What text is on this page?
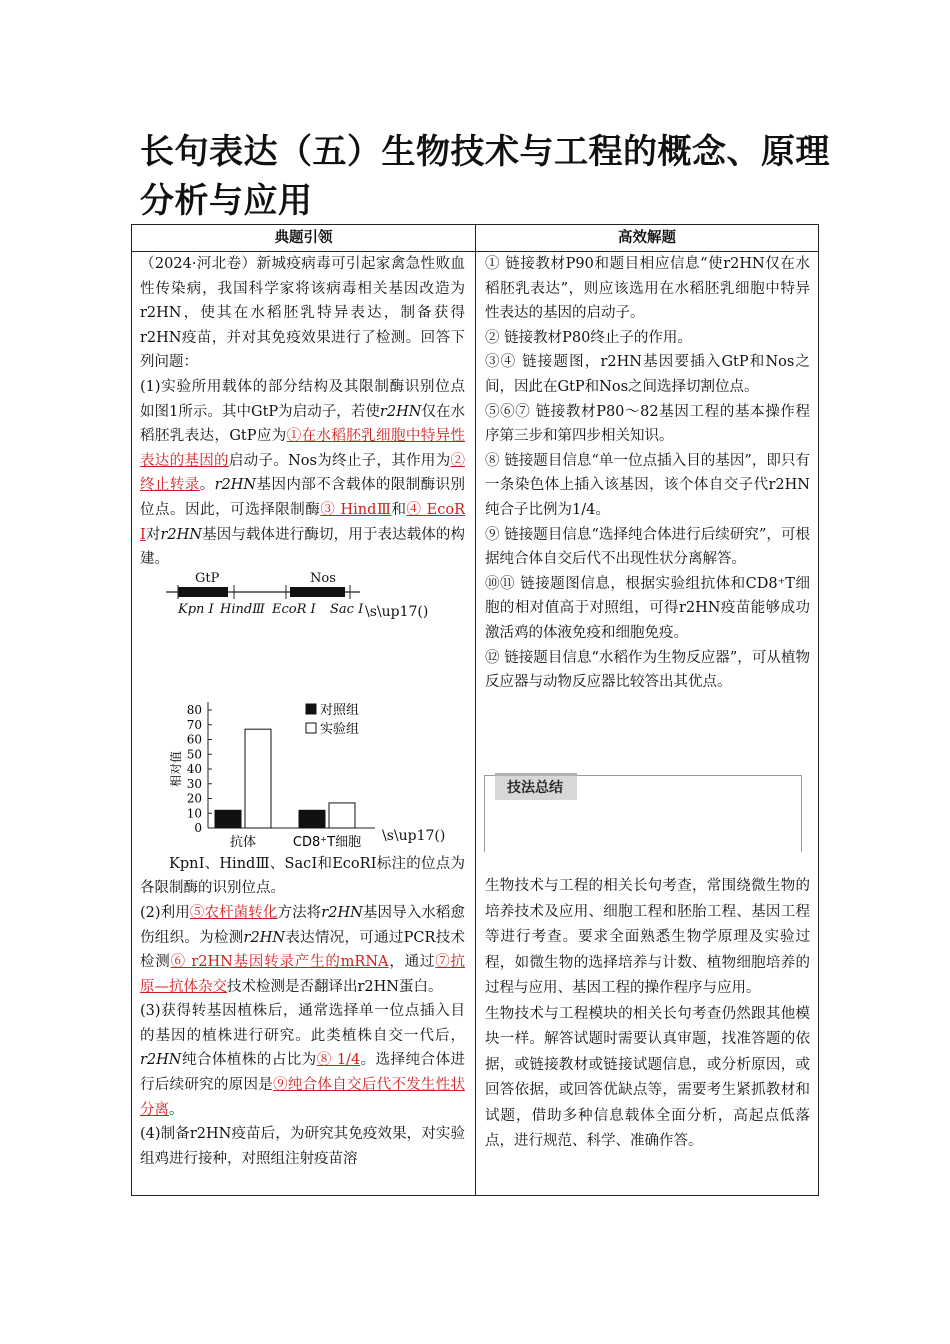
长句表达（五）生物技术与工程的概念、原理分析与应用
典题引领	高效解题

（2024·河北卷）新城疫病毒可引起家禽急性败血性传染病，我国科学家将该病毒相关基因改造为r2HN，使其在水稻胚乳特异表达，制备获得r2HN疫苗，并对其免疫效果进行了检测。回答下列问题：

(1)实验所用载体的部分结构及其限制酶识别位点如图1所示。其中GtP为启动子，若使r2HN仅在水稻胚乳表达，GtP应为①在水稻胚乳细胞中特异性表达的基因的启动子。Nos为终止子，其作用为②终止转录。r2HN基因内部不含载体的限制酶识别位点。因此，可选择限制酶③ HindⅢ和④ EcoR Ⅰ对r2HN基因与载体进行酶切，用于表达载体的构建。

GtP	Nos
Kpn Ⅰ HindⅢ EcoR Ⅰ Sac Ⅰ \s\up17()
0
10
20
30
40
50
60
70
80
相对值
抗体	CD8⁺T细胞
对照组
实验组
\s\up17()

KpnⅠ、HindⅢ、SacⅠ和EcoRⅠ标注的位点为各限制酶的识别位点。

(2)利用⑤农杆菌转化方法将r2HN基因导入水稻愈伤组织。为检测r2HN表达情况，可通过PCR技术检测⑥ r2HN基因转录产生的mRNA，通过⑦抗原—抗体杂交技术检测是否翻译出r2HN蛋白。

(3)获得转基因植株后，通常选择单一位点插入目的基因的植株进行研究。此类植株自交一代后，r2HN纯合体植株的占比为⑧ 1/4。选择纯合体进行后续研究的原因是⑨纯合体自交后代不发生性状分离。

(4)制备r2HN疫苗后，为研究其免疫效果，对实验组鸡进行接种，对照组注射疫苗溶

① 链接教材P90和题目相应信息“使r2HN仅在水稻胚乳表达”，则应该选用在水稻胚乳细胞中特异性表达的基因的启动子。

② 链接教材P80终止子的作用。

③④ 链接题图，r2HN基因要插入GtP和Nos之间，因此在GtP和Nos之间选择切割位点。

⑤⑥⑦ 链接教材P80～82基因工程的基本操作程序第三步和第四步相关知识。

⑧ 链接题目信息“单一位点插入目的基因”，即只有一条染色体上插入该基因，该个体自交子代r2HN纯合子比例为1/4。

⑨ 链接题目信息“选择纯合体进行后续研究”，可根据纯合体自交后代不出现性状分离解答。

⑩⑪ 链接题图信息，根据实验组抗体和CD8⁺T细胞的相对值高于对照组，可得r2HN疫苗能够成功激活鸡的体液免疫和细胞免疫。

⑫ 链接题目信息“水稻作为生物反应器”，可从植物反应器与动物反应器比较答出其优点。

技法总结

生物技术与工程的相关长句考查，常围绕微生物的培养技术及应用、细胞工程和胚胎工程、基因工程等进行考查。要求全面熟悉生物学原理及实验过程，如微生物的选择培养与计数、植物细胞培养的过程与应用、基因工程的操作程序与应用。

生物技术与工程模块的相关长句考查仍然跟其他模块一样。解答试题时需要认真审题，找准答题的依据，或链接教材或链接试题信息，或分析原因，或回答依据，或回答优缺点等，需要考生紧抓教材和试题，借助多种信息载体全面分析，高起点低落点，进行规范、科学、准确作答。
